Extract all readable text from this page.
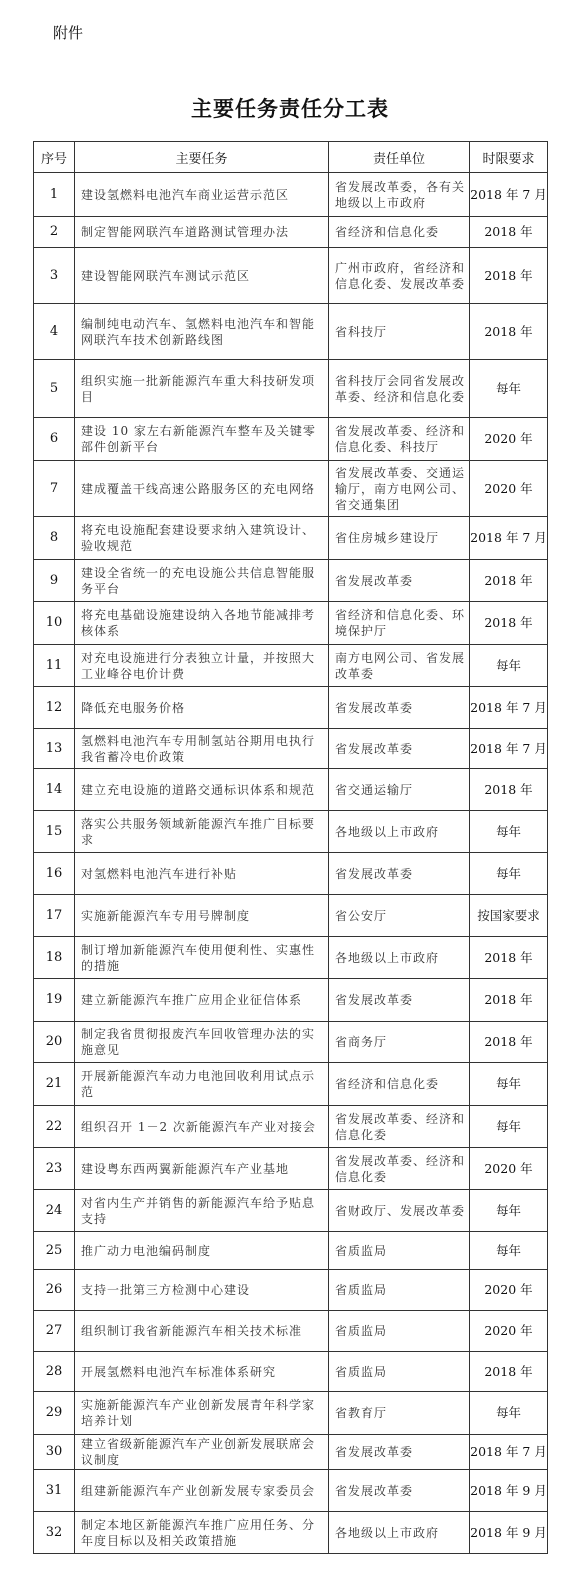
附件
主要任务责任分工表
序号	主要任务	责任单位	时限要求
1	建设氢燃料电池汽车商业运营示范区	省发展改革委，各有关地级以上市政府	2018 年 7 月
2	制定智能网联汽车道路测试管理办法	省经济和信息化委	2018 年
3	建设智能网联汽车测试示范区	广州市政府，省经济和信息化委、发展改革委	2018 年
4	编制纯电动汽车、氢燃料电池汽车和智能网联汽车技术创新路线图	省科技厅	2018 年
5	组织实施一批新能源汽车重大科技研发项目	省科技厅会同省发展改革委、经济和信息化委	每年
6	建设 10 家左右新能源汽车整车及关键零部件创新平台	省发展改革委、经济和信息化委、科技厅	2020 年
7	建成覆盖干线高速公路服务区的充电网络	省发展改革委、交通运输厅，南方电网公司、省交通集团	2020 年
8	将充电设施配套建设要求纳入建筑设计、验收规范	省住房城乡建设厅	2018 年 7 月
9	建设全省统一的充电设施公共信息智能服务平台	省发展改革委	2018 年
10	将充电基础设施建设纳入各地节能减排考核体系	省经济和信息化委、环境保护厅	2018 年
11	对充电设施进行分表独立计量，并按照大工业峰谷电价计费	南方电网公司、省发展改革委	每年
12	降低充电服务价格	省发展改革委	2018 年 7 月
13	氢燃料电池汽车专用制氢站谷期用电执行我省蓄冷电价政策	省发展改革委	2018 年 7 月
14	建立充电设施的道路交通标识体系和规范	省交通运输厅	2018 年
15	落实公共服务领域新能源汽车推广目标要求	各地级以上市政府	每年
16	对氢燃料电池汽车进行补贴	省发展改革委	每年
17	实施新能源汽车专用号牌制度	省公安厅	按国家要求
18	制订增加新能源汽车使用便利性、实惠性的措施	各地级以上市政府	2018 年
19	建立新能源汽车推广应用企业征信体系	省发展改革委	2018 年
20	制定我省贯彻报废汽车回收管理办法的实施意见	省商务厅	2018 年
21	开展新能源汽车动力电池回收利用试点示范	省经济和信息化委	每年
22	组织召开 1－2 次新能源汽车产业对接会	省发展改革委、经济和信息化委	每年
23	建设粤东西两翼新能源汽车产业基地	省发展改革委、经济和信息化委	2020 年
24	对省内生产并销售的新能源汽车给予贴息支持	省财政厅、发展改革委	每年
25	推广动力电池编码制度	省质监局	每年
26	支持一批第三方检测中心建设	省质监局	2020 年
27	组织制订我省新能源汽车相关技术标准	省质监局	2020 年
28	开展氢燃料电池汽车标准体系研究	省质监局	2018 年
29	实施新能源汽车产业创新发展青年科学家培养计划	省教育厅	每年
30	建立省级新能源汽车产业创新发展联席会议制度	省发展改革委	2018 年 7 月
31	组建新能源汽车产业创新发展专家委员会	省发展改革委	2018 年 9 月
32	制定本地区新能源汽车推广应用任务、分年度目标以及相关政策措施	各地级以上市政府	2018 年 9 月
